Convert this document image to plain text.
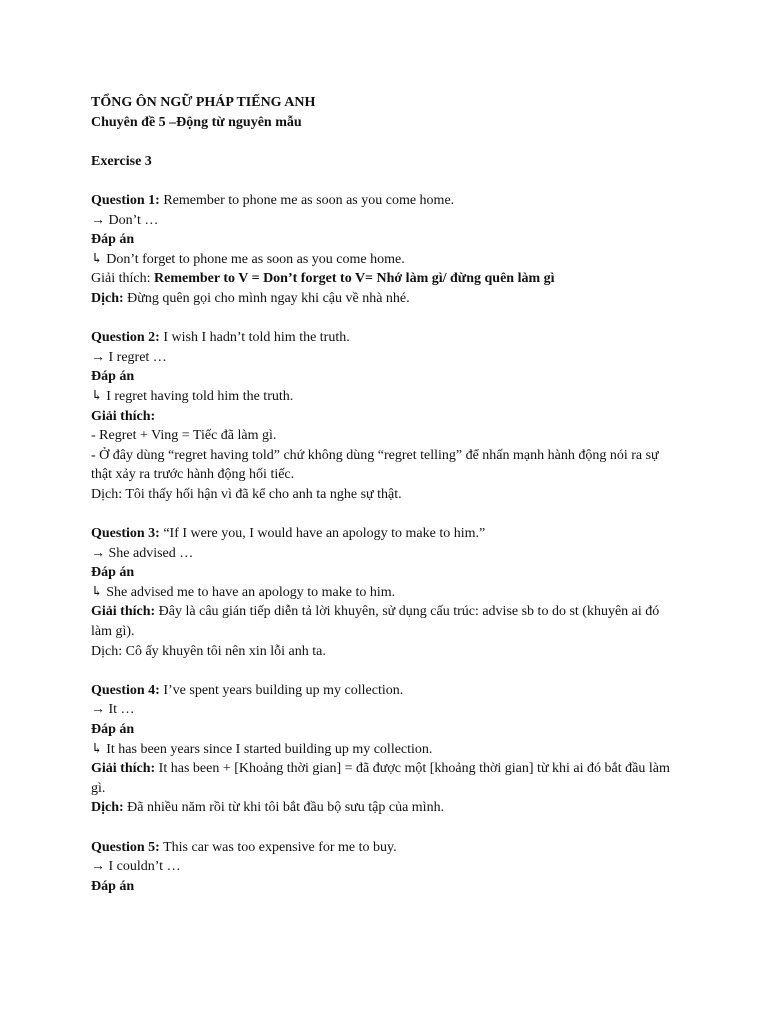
TỔNG ÔN NGỮ PHÁP TIẾNG ANH
Chuyên đề 5 –Động từ nguyên mẫu
Exercise 3
Question 1: Remember to phone me as soon as you come home.
→ Don’t …
Đáp án
↳ Don’t forget to phone me as soon as you come home.
Giải thích: Remember to V = Don’t forget to V= Nhớ làm gì/ đừng quên làm gì
Dịch: Đừng quên gọi cho mình ngay khi cậu về nhà nhé.
Question 2: I wish I hadn’t told him the truth.
→ I regret …
Đáp án
↳ I regret having told him the truth.
Giải thích:
- Regret + Ving = Tiếc đã làm gì.
- Ở đây dùng “regret having told” chứ không dùng “regret telling” để nhấn mạnh hành động nói ra sự thật xảy ra trước hành động hối tiếc.
Dịch: Tôi thấy hối hận vì đã kể cho anh ta nghe sự thật.
Question 3: “If I were you, I would have an apology to make to him.”
→ She advised …
Đáp án
↳ She advised me to have an apology to make to him.
Giải thích: Đây là câu gián tiếp diễn tả lời khuyên, sử dụng cấu trúc: advise sb to do st (khuyên ai đó làm gì).
Dịch: Cô ấy khuyên tôi nên xin lỗi anh ta.
Question 4: I’ve spent years building up my collection.
→ It …
Đáp án
↳ It has been years since I started building up my collection.
Giải thích: It has been + [Khoảng thời gian] = đã được một [khoảng thời gian] từ khi ai đó bắt đầu làm gì.
Dịch: Đã nhiều năm rồi từ khi tôi bắt đầu bộ sưu tập của mình.
Question 5: This car was too expensive for me to buy.
→ I couldn’t …
Đáp án
